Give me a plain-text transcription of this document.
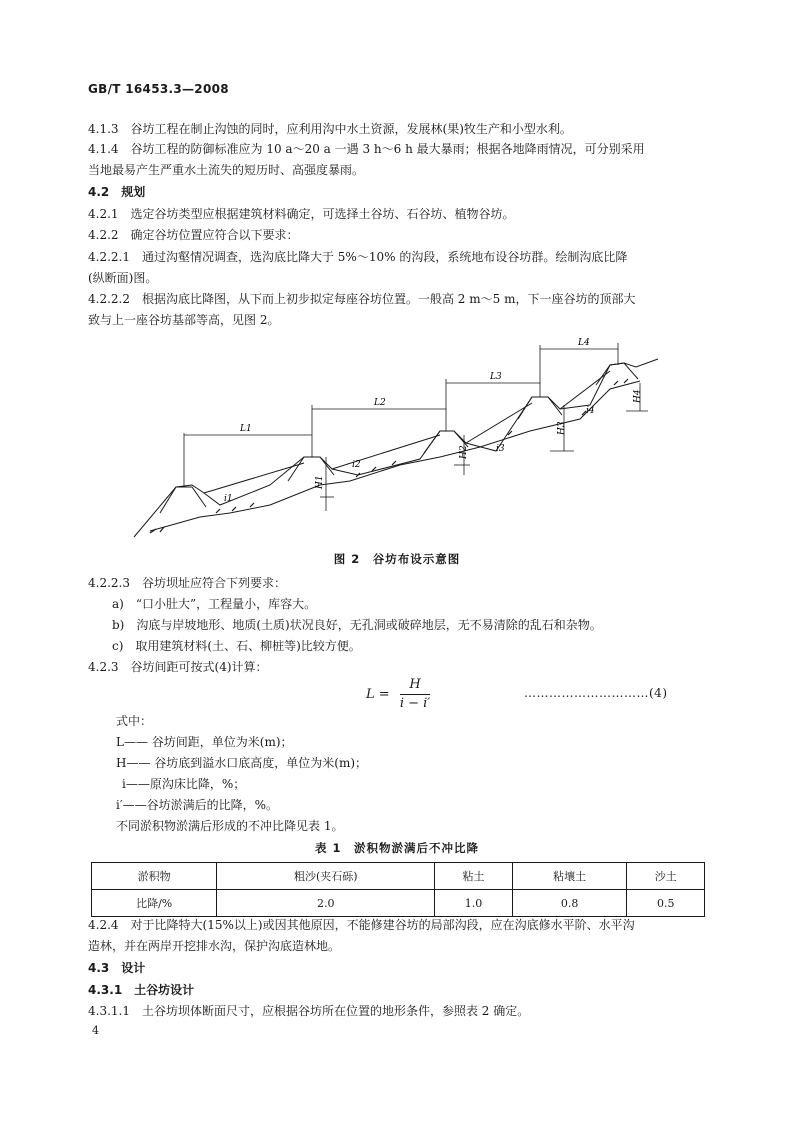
GB/T 16453.3—2008
4.1.3　谷坊工程在制止沟蚀的同时，应利用沟中水土资源，发展林(果)牧生产和小型水利。
4.1.4　谷坊工程的防御标准应为 10 a～20 a 一遇 3 h～6 h 最大暴雨；根据各地降雨情况，可分别采用
当地最易产生严重水土流失的短历时、高强度暴雨。
4.2　规划
4.2.1　选定谷坊类型应根据建筑材料确定，可选择土谷坊、石谷坊、植物谷坊。
4.2.2　确定谷坊位置应符合以下要求：
4.2.2.1　通过沟壑情况调查，选沟底比降大于 5%～10% 的沟段，系统地布设谷坊群。绘制沟底比降
(纵断面)图。
4.2.2.2　根据沟底比降图，从下而上初步拟定每座谷坊位置。一般高 2 m～5 m，下一座谷坊的顶部大
致与上一座谷坊基部等高，见图 2。
L1
L2
L3
L4
H1
H2
H3
H4
i1
i2
i3
i4
图 2　谷坊布设示意图
4.2.2.3　谷坊坝址应符合下列要求：
a)　“口小肚大”，工程量小，库容大。
b)　沟底与岸坡地形、地质(土质)状况良好，无孔洞或破碎地层，无不易清除的乱石和杂物。
c)　取用建筑材料(土、石、柳桩等)比较方便。
4.2.3　谷坊间距可按式(4)计算：
$L = \frac{H}{i - i'}$	…………………………(4)
式中：
L—— 谷坊间距，单位为米(m)；
H—— 谷坊底到溢水口底高度，单位为米(m)；
i——原沟床比降，%；
i′——谷坊淤满后的比降，%。
不同淤积物淤满后形成的不冲比降见表 1。
表 1　淤积物淤满后不冲比降
淤积物	粗沙(夹石砾)	粘土	粘壤土	沙土
比降/%	2.0	1.0	0.8	0.5
4.2.4　对于比降特大(15%以上)或因其他原因，不能修建谷坊的局部沟段，应在沟底修水平阶、水平沟
造林，并在两岸开挖排水沟，保护沟底造林地。
4.3　设计
4.3.1　土谷坊设计
4.3.1.1　土谷坊坝体断面尺寸，应根据谷坊所在位置的地形条件，参照表 2 确定。
4
